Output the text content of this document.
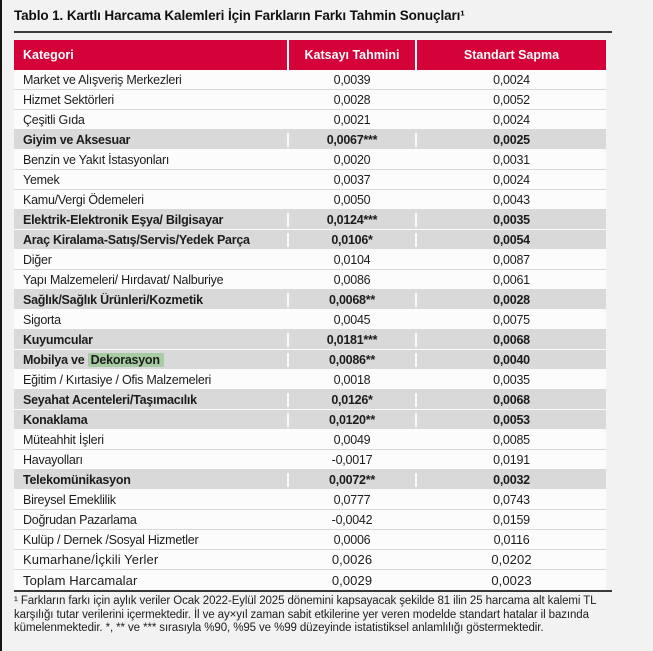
Tablo 1. Kartlı Harcama Kalemleri İçin Farkların Farkı Tahmin Sonuçları¹
Kategori	Katsayı Tahmini	Standart Sapma
Market ve Alışveriş Merkezleri	0,0039	0,0024
Hizmet Sektörleri	0,0028	0,0052
Çeşitli Gıda	0,0021	0,0024
Giyim ve Aksesuar	0,0067***	0,0025
Benzin ve Yakıt İstasyonları	0,0020	0,0031
Yemek	0,0037	0,0024
Kamu/Vergi Ödemeleri	0,0050	0,0043
Elektrik-Elektronik Eşya/ Bilgisayar	0,0124***	0,0035
Araç Kiralama-Satış/Servis/Yedek Parça	0,0106*	0,0054
Diğer	0,0104	0,0087
Yapı Malzemeleri/ Hırdavat/ Nalburiye	0,0086	0,0061
Sağlık/Sağlık Ürünleri/Kozmetik	0,0068**	0,0028
Sigorta	0,0045	0,0075
Kuyumcular	0,0181***	0,0068
Mobilya ve Dekorasyon	0,0086**	0,0040
Eğitim / Kırtasiye / Ofis Malzemeleri	0,0018	0,0035
Seyahat Acenteleri/Taşımacılık	0,0126*	0,0068
Konaklama	0,0120**	0,0053
Müteahhit İşleri	0,0049	0,0085
Havayolları	-0,0017	0,0191
Telekomünikasyon	0,0072**	0,0032
Bireysel Emeklilik	0,0777	0,0743
Doğrudan Pazarlama	-0,0042	0,0159
Kulüp / Dernek /Sosyal Hizmetler	0,0006	0,0116
Kumarhane/İçkili Yerler	0,0026	0,0202
Toplam Harcamalar	0,0029	0,0023
¹ Farkların farkı için aylık veriler Ocak 2022-Eylül 2025 dönemini kapsayacak şekilde 81 ilin 25 harcama alt kalemi TL karşılığı tutar verilerini içermektedir. İl ve ay×yıl zaman sabit etkilerine yer veren modelde standart hatalar il bazında kümelenmektedir. *, ** ve *** sırasıyla %90, %95 ve %99 düzeyinde istatistiksel anlamlılığı göstermektedir.
